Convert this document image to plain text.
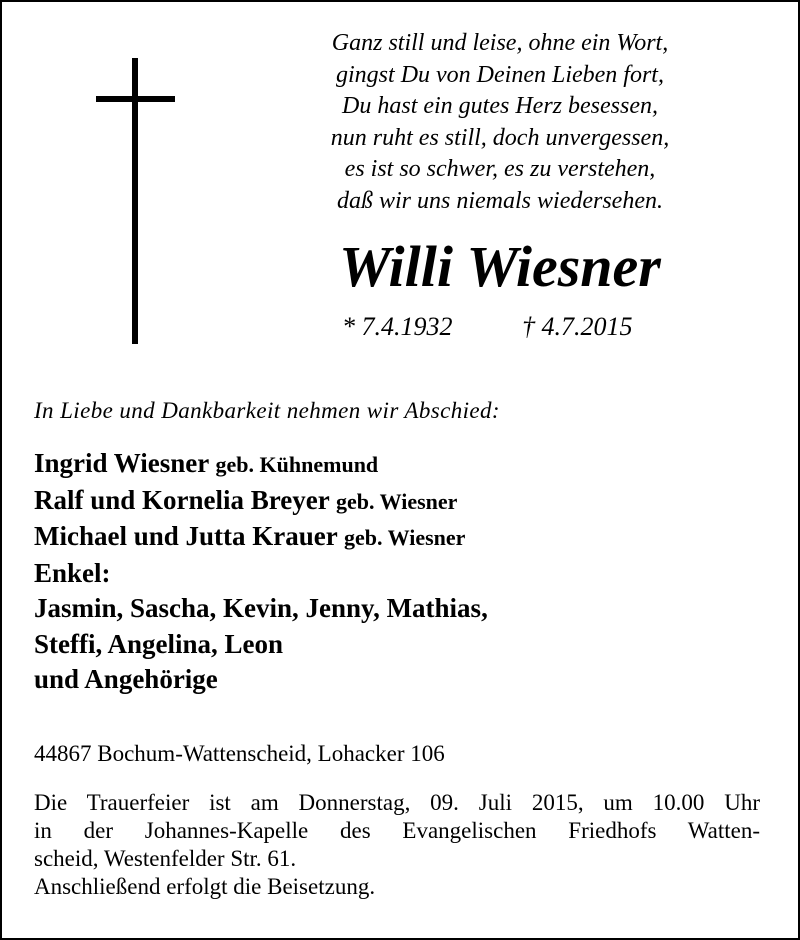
Ganz still und leise, ohne ein Wort,
gingst Du von Deinen Lieben fort,
Du hast ein gutes Herz besessen,
nun ruht es still, doch unvergessen,
es ist so schwer, es zu verstehen,
daß wir uns niemals wiedersehen.
Willi Wiesner
* 7.4.1932	† 4.7.2015
In Liebe und Dankbarkeit nehmen wir Abschied:
Ingrid Wiesner geb. Kühnemund
Ralf und Kornelia Breyer geb. Wiesner
Michael und Jutta Krauer geb. Wiesner
Enkel:
Jasmin, Sascha, Kevin, Jenny, Mathias,
Steffi, Angelina, Leon
und Angehörige
44867 Bochum-Wattenscheid, Lohacker 106
Die Trauerfeier ist am Donnerstag, 09. Juli 2015, um 10.00 Uhr
in der Johannes-Kapelle des Evangelischen Friedhofs Watten-
scheid, Westenfelder Str. 61.
Anschließend erfolgt die Beisetzung.
